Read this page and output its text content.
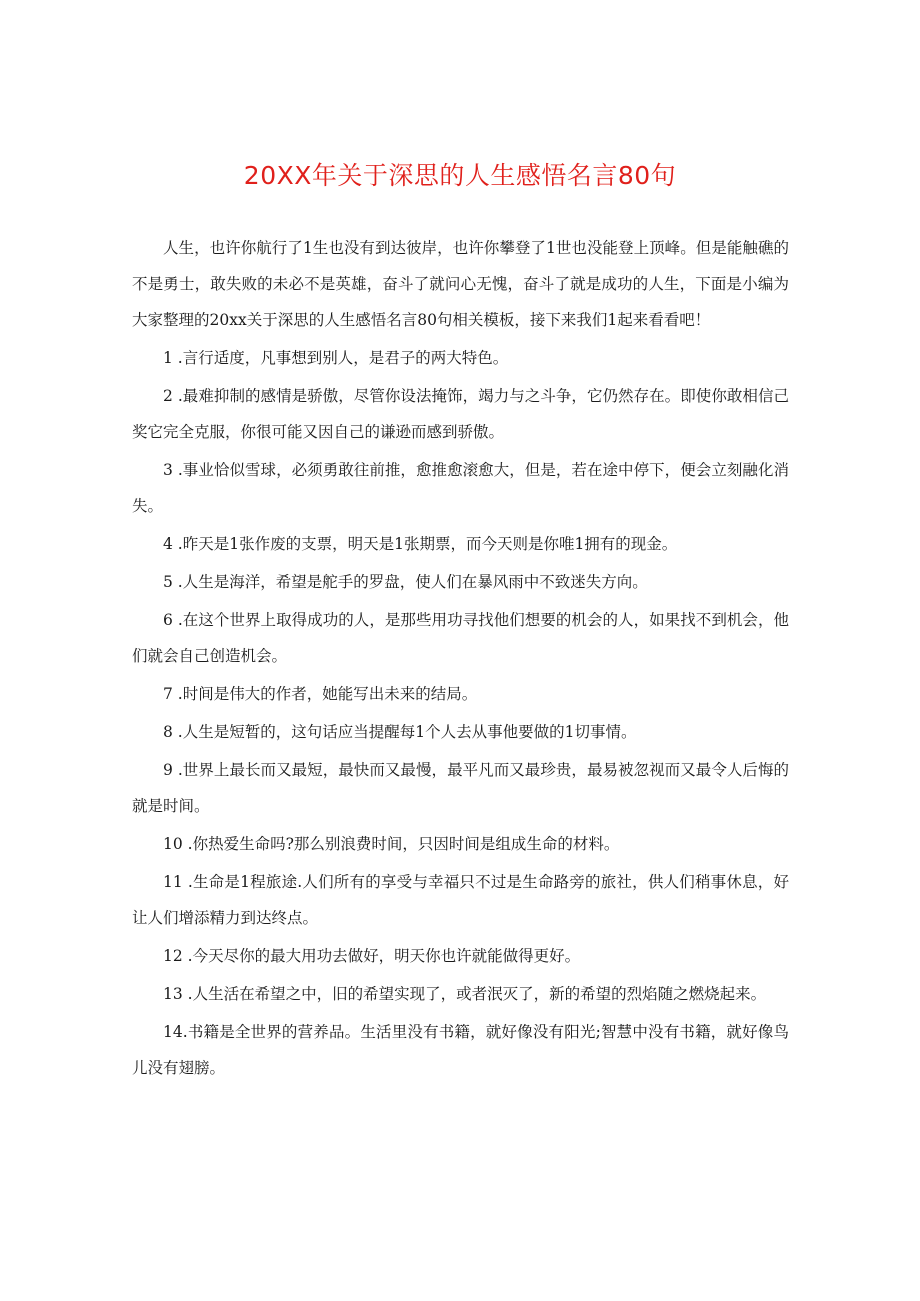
20XX年关于深思的人生感悟名言80句

人生，也许你航行了1生也没有到达彼岸，也许你攀登了1世也没能登上顶峰。但是能触礁的不是勇士，敢失败的未必不是英雄，奋斗了就问心无愧，奋斗了就是成功的人生，下面是小编为大家整理的20xx关于深思的人生感悟名言80句相关模板，接下来我们1起来看看吧！

1 .言行适度，凡事想到别人，是君子的两大特色。

2 .最难抑制的感情是骄傲，尽管你设法掩饰，竭力与之斗争，它仍然存在。即使你敢相信己奖它完全克服，你很可能又因自己的谦逊而感到骄傲。

3 .事业恰似雪球，必须勇敢往前推，愈推愈滚愈大，但是，若在途中停下，便会立刻融化消失。

4 .昨天是1张作废的支票，明天是1张期票，而今天则是你唯1拥有的现金。

5 .人生是海洋，希望是舵手的罗盘，使人们在暴风雨中不致迷失方向。

6 .在这个世界上取得成功的人，是那些用功寻找他们想要的机会的人，如果找不到机会，他们就会自己创造机会。

7 .时间是伟大的作者，她能写出未来的结局。

8 .人生是短暂的，这句话应当提醒每1个人去从事他要做的1切事情。

9 .世界上最长而又最短，最快而又最慢，最平凡而又最珍贵，最易被忽视而又最令人后悔的就是时间。

10 .你热爱生命吗?那么别浪费时间，只因时间是组成生命的材料。

11 .生命是1程旅途.人们所有的享受与幸福只不过是生命路旁的旅社，供人们稍事休息，好让人们增添精力到达终点。

12 .今天尽你的最大用功去做好，明天你也许就能做得更好。

13 .人生活在希望之中，旧的希望实现了，或者泯灭了，新的希望的烈焰随之燃烧起来。

14.书籍是全世界的营养品。生活里没有书籍，就好像没有阳光;智慧中没有书籍，就好像鸟儿没有翅膀。
